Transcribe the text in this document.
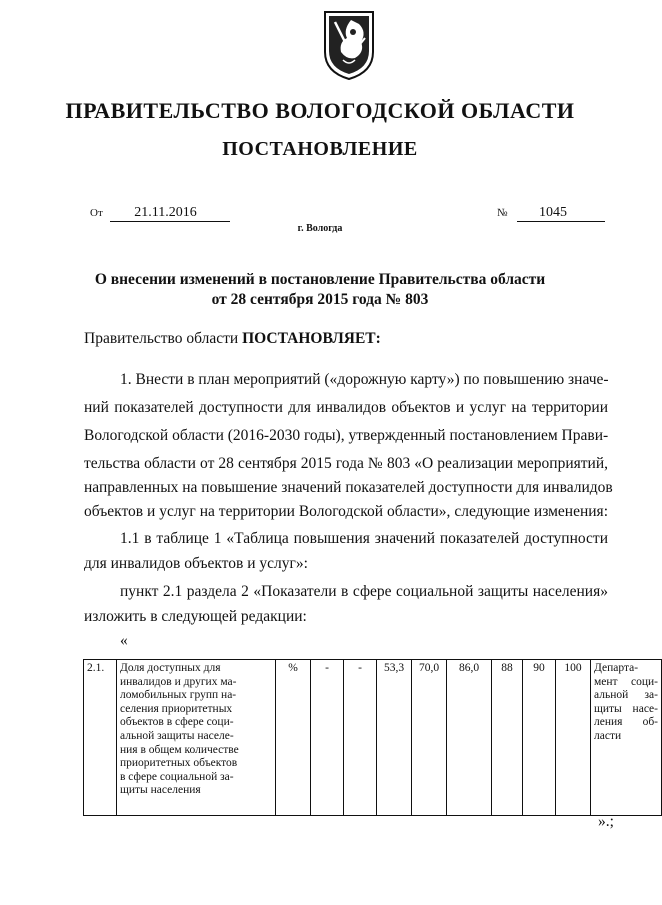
ПРАВИТЕЛЬСТВО ВОЛОГОДСКОЙ ОБЛАСТИ
ПОСТАНОВЛЕНИЕ
От 21.11.2016	№ 1045
г. Вологда
О внесении изменений в постановление Правительства области
от 28 сентября 2015 года № 803
Правительство области ПОСТАНОВЛЯЕТ:
1. Внести в план мероприятий («дорожную карту») по повышению значе-
ний показателей доступности для инвалидов объектов и услуг на территории
Вологодской области (2016-2030 годы), утвержденный постановлением Прави-
тельства области от 28 сентября 2015 года № 803 «О реализации мероприятий,
направленных на повышение значений показателей доступности для инвалидов
объектов и услуг на территории Вологодской области», следующие изменения:
1.1 в таблице 1 «Таблица повышения значений показателей доступности
для инвалидов объектов и услуг»:
пункт 2.1 раздела 2 «Показатели в сфере социальной защиты населения»
изложить в следующей редакции:
«
2.1.	Доля доступных для
инвалидов и других ма-
ломобильных групп на-
селения приоритетных
объектов в сфере соци-
альной защиты населе-
ния в общем количестве
приоритетных объектов
в сфере социальной за-
щиты населения
	%	-	-	53,3	70,0	86,0	88	90	100	Департа-
мент соци-
альной за-
щиты насе-
ления об-
ласти
».;
